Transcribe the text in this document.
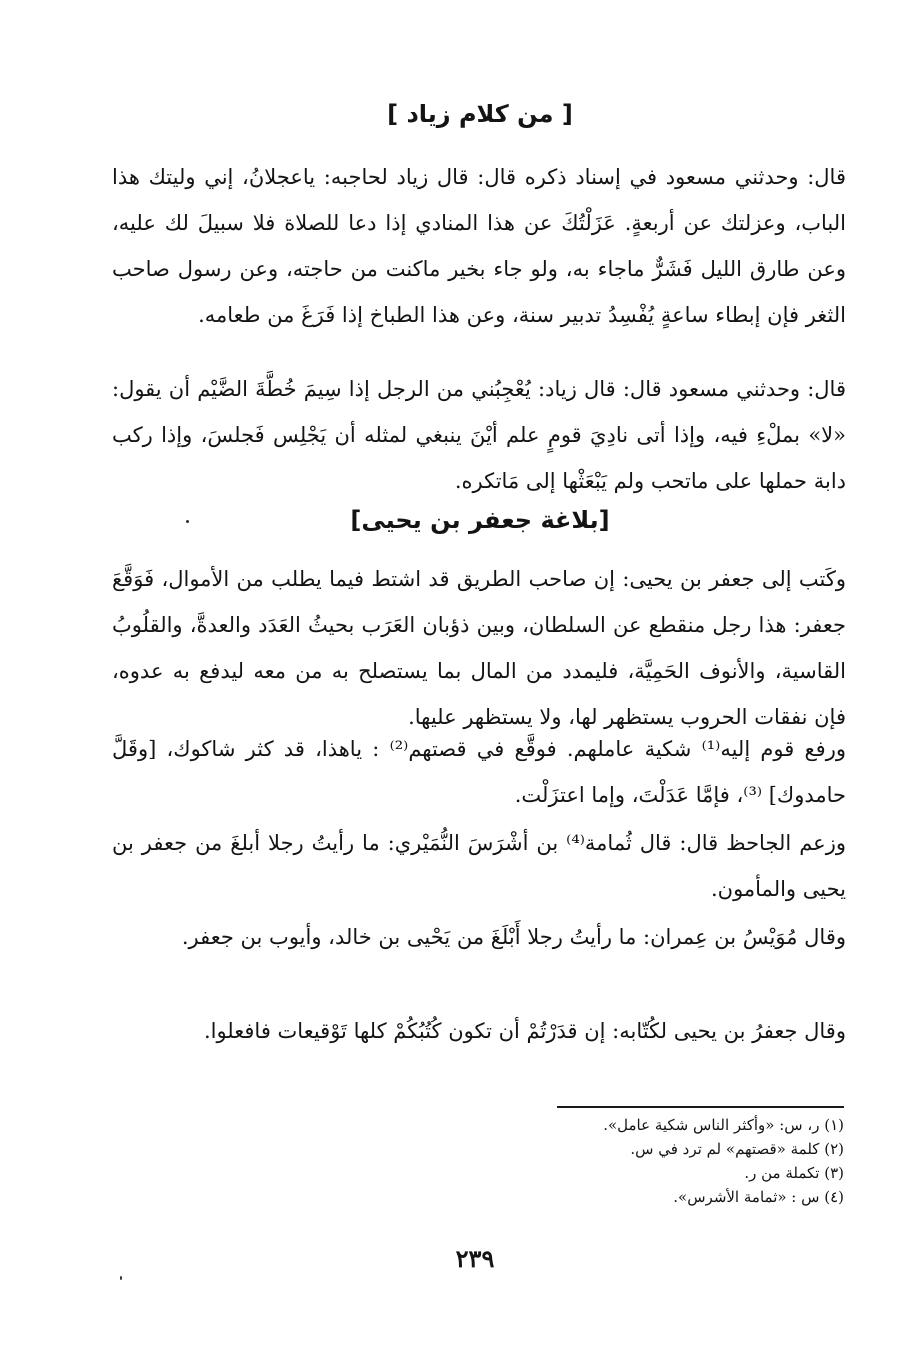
[ من كلام زياد ]

قال: وحدثني مسعود في إسناد ذكره قال: قال زياد لحاجبه: ياعجلانُ، إني وليتك هذا الباب، وعزلتك عن أربعةٍ. عَزَلْتُكَ عن هذا المنادي إذا دعا للصلاة فلا سبيلَ لك عليه، وعن طارق الليل فَشَرٌّ ماجاء به، ولو جاء بخير ماكنت من حاجته، وعن رسول صاحب الثغر فإن إبطاء ساعةٍ يُفْسِدُ تدبير سنة، وعن هذا الطباخ إذا فَرَغَ من طعامه.

قال: وحدثني مسعود قال: قال زياد: يُعْجِبُني من الرجل إذا سِيمَ خُطَّةَ الضَّيْم أن يقول: «لا» بملْءِ فيه، وإذا أتى نادِيَ قومٍ علم أيْنَ ينبغي لمثله أن يَجْلِس فَجلسَ، وإذا ركب دابة حملها على ماتحب ولم يَبْعَثْها إلى مَاتكره.

[بلاغة جعفر بن يحيى]

وكَتب إلى جعفر بن يحيى: إن صاحب الطريق قد اشتط فيما يطلب من الأموال، فَوَقَّعَ جعفر: هذا رجل منقطع عن السلطان، وبين ذؤبان العَرَب بحيثُ العَدَد والعدةَّ، والقلُوبُ القاسية، والأنوف الحَمِيَّة، فليمدد من المال بما يستصلح به من معه ليدفع به عدوه، فإن نفقات الحروب يستظهر لها، ولا يستظهر عليها.

ورفع قوم إليه⁽¹⁾ شكية عاملهم. فوقَّع في قصتهم⁽²⁾ : ياهذا، قد كثر شاكوك، [وقَلَّ حامدوك] ⁽³⁾، فإمَّا عَدَلْتَ، وإما اعتزَلْت.

وزعم الجاحظ قال: قال ثُمامة⁽⁴⁾ بن أشْرَسَ النُّمَيْري: ما رأيتُ رجلا أبلغَ من جعفر بن يحيى والمأمون.

وقال مُوَيْسُ بن عِمران: ما رأيتُ رجلا أَبْلَغَ من يَحْيى بن خالد، وأيوب بن جعفر.

وقال جعفرُ بن يحيى لكُتّابه: إن قدَرْتُمْ أن تكون كُتُبُكُمْ كلها تَوْقيعات فافعلوا.

(١) ر، س: «وأكثر الناس شكية عامل».
(٢) كلمة «قصتهم» لم ترد في س.
(٣) تكملة من ر.
(٤) س : «ثمامة الأشرس».
٢٣٩
